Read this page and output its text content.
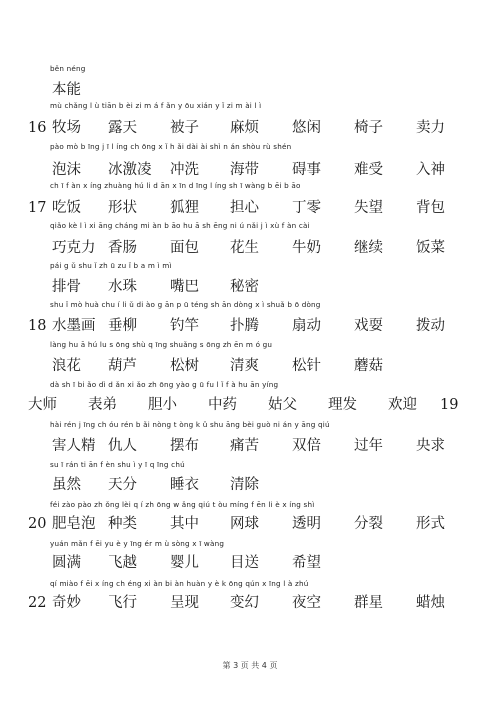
běn néng
本能
mù chǎng l ù tiān b èi zi m á f ǎn y ōu xián y ǐ zi m ài l ì
16 牧场 露天 被子 麻烦 悠闲 椅子 卖力
pào mò b īng j ī l íng ch ōng x ǐ h ǎi dài ài shì n án shòu rù shén
泡沫 冰激凌 冲洗 海带 碍事 难受 入神
ch ī f àn x íng zhuàng hú li d ān x īn d īng l íng sh ī wàng b ēi b āo
17 吃饭 形状 狐狸 担心 丁零 失望 背包
qiǎo kè l ì xi āng cháng mi àn b āo hu ā sh ēng ni ú nǎi j ì xù f àn cài
巧克力 香肠 面包 花生 牛奶 继续 饭菜
pái g ǔ shu ǐ zh ū zu ǐ b a m ì mì
排骨 水珠 嘴巴 秘密
shu ǐ mò huà chu í li ǔ di ào g ān p ū téng sh ān dòng x ì shuǎ b ō dòng
18 水墨画 垂柳 钓竿 扑腾 扇动 戏耍 拨动
làng hu ā hú lu s ōng shù q īng shuǎng s ōng zh ēn m ó gu
浪花 葫芦 松树 清爽 松针 蘑菇
dà sh ī bi ǎo dì d ǎn xi ǎo zh ōng yào g ū fu l ǐ f à hu ān yíng
大师 表弟 胆小 中药 姑父 理发 欢迎 19
hài rén j īng ch óu rén b ǎi nòng t òng k ǔ shu āng bèi guò ni án y āng qiú
害人精 仇人 摆布 痛苦 双倍 过年 央求
su ī rán ti ān f èn shu ì y ī q īng chú
虽然 天分 睡衣 清除
féi zào pào zh ǒng lèi q í zh ōng w ǎng qiú t òu míng f ēn li è x íng shì
20 肥皂泡 种类 其中 网球 透明 分裂 形式
yuán mǎn f ēi yu è y īng ér m ù sòng x ī wàng
圆满 飞越 婴儿 目送 希望
qí miào f ēi x íng ch éng xi àn bi àn huàn y è k ōng qún x īng l à zhú
22 奇妙 飞行 呈现 变幻 夜空 群星 蜡烛
第 3 页 共 4 页
